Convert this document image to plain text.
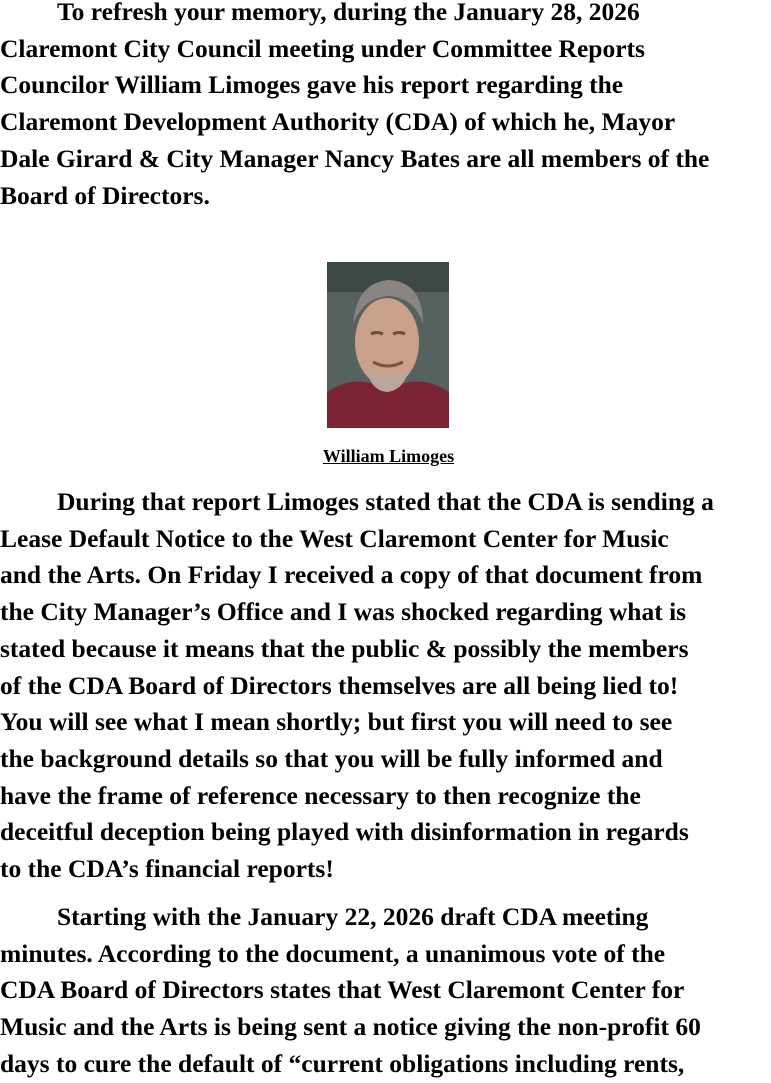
To refresh your memory, during the January 28, 2026
Claremont City Council meeting under Committee Reports
Councilor William Limoges gave his report regarding the
Claremont Development Authority (CDA) of which he, Mayor
Dale Girard & City Manager Nancy Bates are all members of the
Board of Directors.
William Limoges
During that report Limoges stated that the CDA is sending a
Lease Default Notice to the West Claremont Center for Music
and the Arts. On Friday I received a copy of that document from
the City Manager’s Office and I was shocked regarding what is
stated because it means that the public & possibly the members
of the CDA Board of Directors themselves are all being lied to!
You will see what I mean shortly; but first you will need to see
the background details so that you will be fully informed and
have the frame of reference necessary to then recognize the
deceitful deception being played with disinformation in regards
to the CDA’s financial reports!
Starting with the January 22, 2026 draft CDA meeting
minutes. According to the document, a unanimous vote of the
CDA Board of Directors states that West Claremont Center for
Music and the Arts is being sent a notice giving the non-profit 60
days to cure the default of “current obligations including rents,
